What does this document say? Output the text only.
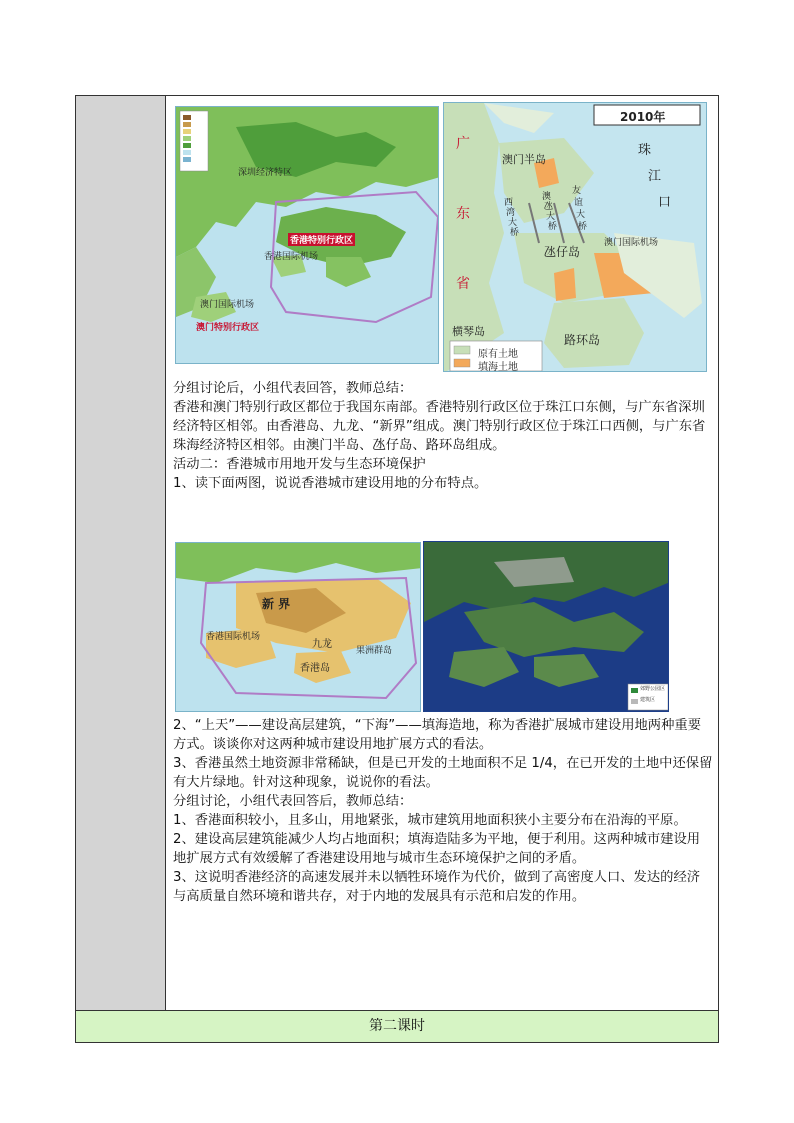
香港特别行政区
深圳经济特区
香港国际机场
澳门国际机场
澳门特别行政区
2010年
广
东
省
珠
江
口
澳门半岛
氹仔岛
路环岛
横琴岛
澳门国际机场
西
湾
大
桥
澳
氹
大
桥
友
谊
大
桥
原有土地
填海土地

分组讨论后，小组代表回答，教师总结：

香港和澳门特别行政区都位于我国东南部。香港特别行政区位于珠江口东侧，与广东省深圳经济特区相邻。由香港岛、九龙、“新界”组成。澳门特别行政区位于珠江口西侧，与广东省珠海经济特区相邻。由澳门半岛、氹仔岛、路环岛组成。

活动二：香港城市用地开发与生态环境保护

1、读下面两图，说说香港城市建设用地的分布特点。

新 界
九龙
香港岛
香港国际机场
果洲群岛
郊野公园区
建筑区

2、“上天”——建设高层建筑，“下海”——填海造地，称为香港扩展城市建设用地两种重要方式。谈谈你对这两种城市建设用地扩展方式的看法。

3、香港虽然土地资源非常稀缺，但是已开发的土地面积不足 1/4，在已开发的土地中还保留有大片绿地。针对这种现象，说说你的看法。

分组讨论，小组代表回答后，教师总结：

1、香港面积较小，且多山，用地紧张，城市建筑用地面积狭小主要分布在沿海的平原。

2、建设高层建筑能减少人均占地面积；填海造陆多为平地，便于利用。这两种城市建设用地扩展方式有效缓解了香港建设用地与城市生态环境保护之间的矛盾。

3、这说明香港经济的高速发展并未以牺牲环境作为代价，做到了高密度人口、发达的经济与高质量自然环境和谐共存，对于内地的发展具有示范和启发的作用。

第二课时
